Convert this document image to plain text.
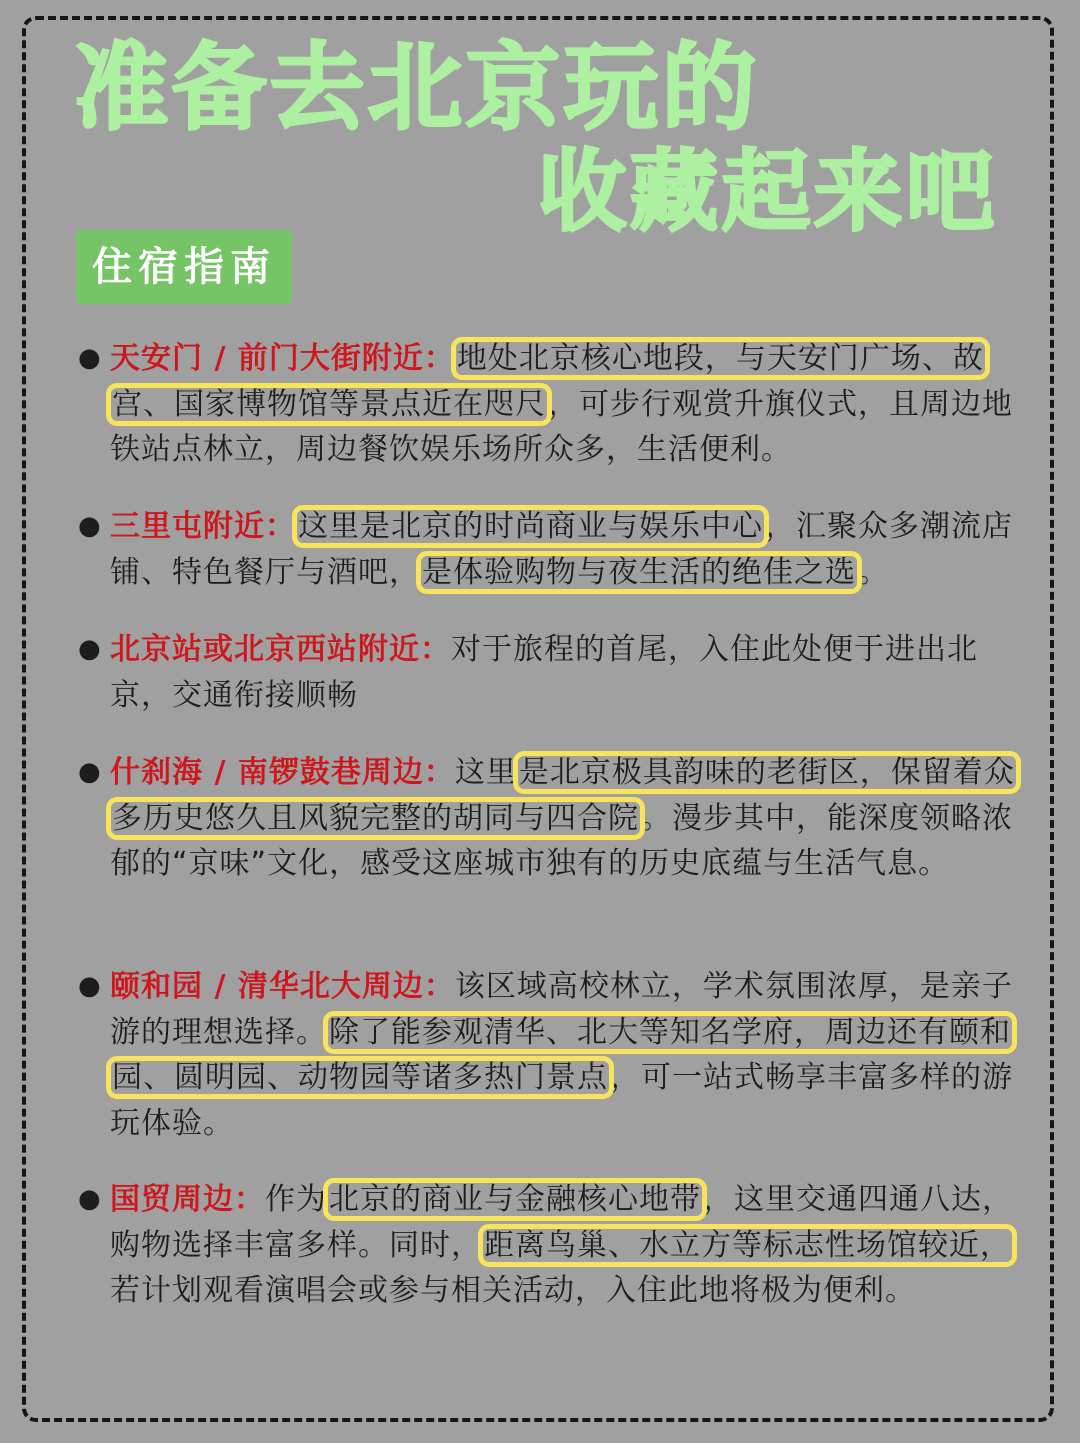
准备去北京玩的
收藏起来吧
住宿指南
● 天安门 / 前门大街附近：地处北京核心地段，与天安门广场、故宫、国家博物馆等景点近在咫尺，可步行观赏升旗仪式，且周边地铁站点林立，周边餐饮娱乐场所众多，生活便利。
● 三里屯附近：这里是北京的时尚商业与娱乐中心，汇聚众多潮流店铺、特色餐厅与酒吧，是体验购物与夜生活的绝佳之选。
● 北京站或北京西站附近：对于旅程的首尾，入住此处便于进出北京，交通衔接顺畅
● 什刹海 / 南锣鼓巷周边：这里是北京极具韵味的老街区，保留着众多历史悠久且风貌完整的胡同与四合院。漫步其中，能深度领略浓郁的“京味”文化，感受这座城市独有的历史底蕴与生活气息。
● 颐和园 / 清华北大周边：该区域高校林立，学术氛围浓厚，是亲子游的理想选择。除了能参观清华、北大等知名学府，周边还有颐和园、圆明园、动物园等诸多热门景点，可一站式畅享丰富多样的游玩体验。
● 国贸周边：作为北京的商业与金融核心地带，这里交通四通八达，购物选择丰富多样。同时，距离鸟巢、水立方等标志性场馆较近，若计划观看演唱会或参与相关活动，入住此地将极为便利。
